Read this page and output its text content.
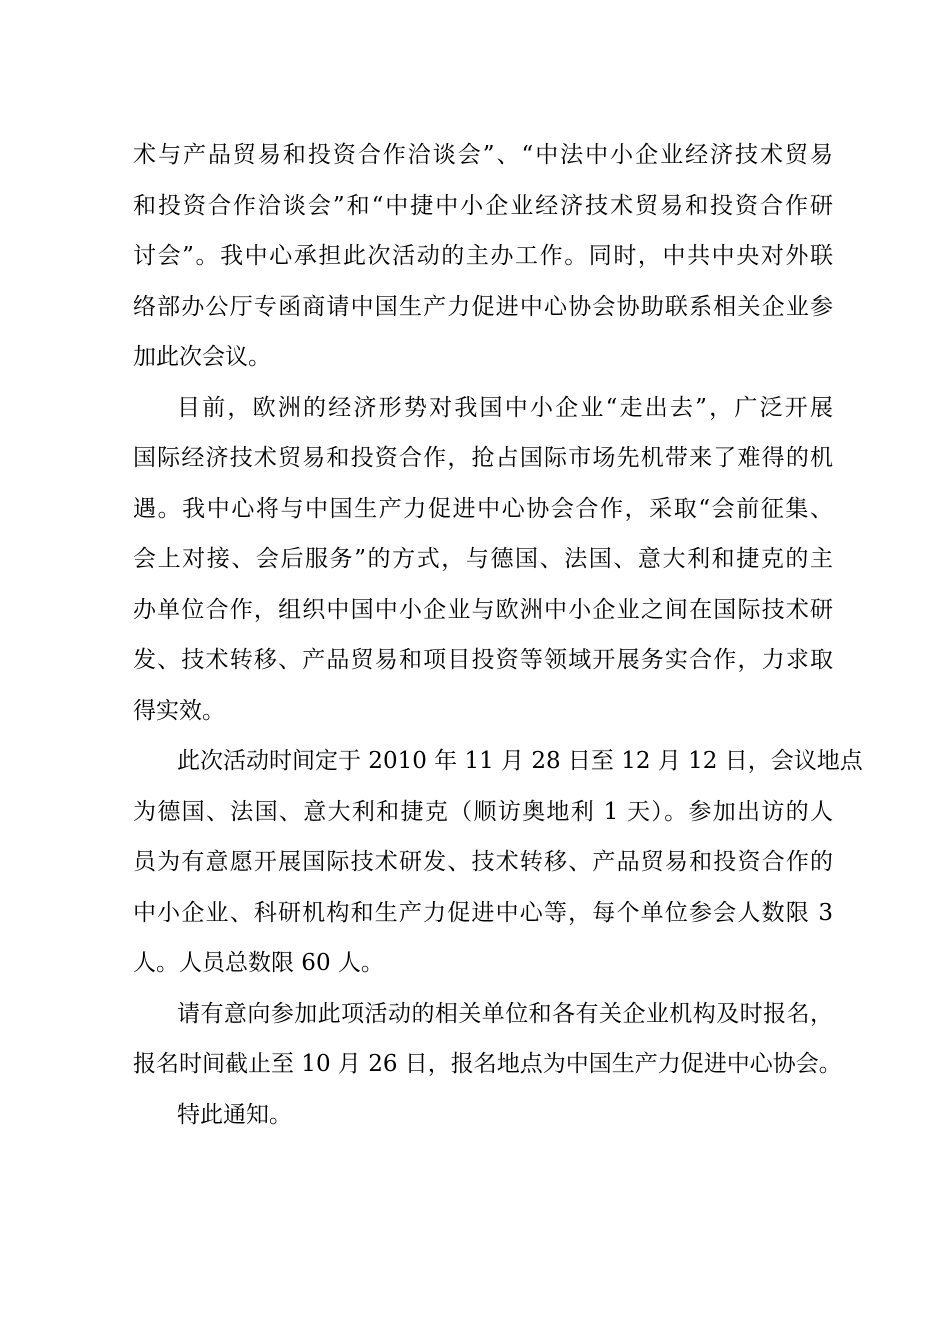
术与产品贸易和投资合作洽谈会”、“中法中小企业经济技术贸易
和投资合作洽谈会”和“中捷中小企业经济技术贸易和投资合作研
讨会”。我中心承担此次活动的主办工作。同时，中共中央对外联
络部办公厅专函商请中国生产力促进中心协会协助联系相关企业参
加此次会议。
目前，欧洲的经济形势对我国中小企业“走出去”，广泛开展
国际经济技术贸易和投资合作，抢占国际市场先机带来了难得的机
遇。我中心将与中国生产力促进中心协会合作，采取“会前征集、
会上对接、会后服务”的方式，与德国、法国、意大利和捷克的主
办单位合作，组织中国中小企业与欧洲中小企业之间在国际技术研
发、技术转移、产品贸易和项目投资等领域开展务实合作，力求取
得实效。
此次活动时间定于 2010 年 11 月 28 日至 12 月 12 日，会议地点
为德国、法国、意大利和捷克（顺访奥地利 1 天）。参加出访的人
员为有意愿开展国际技术研发、技术转移、产品贸易和投资合作的
中小企业、科研机构和生产力促进中心等，每个单位参会人数限 3
人。人员总数限 60 人。
请有意向参加此项活动的相关单位和各有关企业机构及时报名，
报名时间截止至 10 月 26 日，报名地点为中国生产力促进中心协会。
特此通知。
